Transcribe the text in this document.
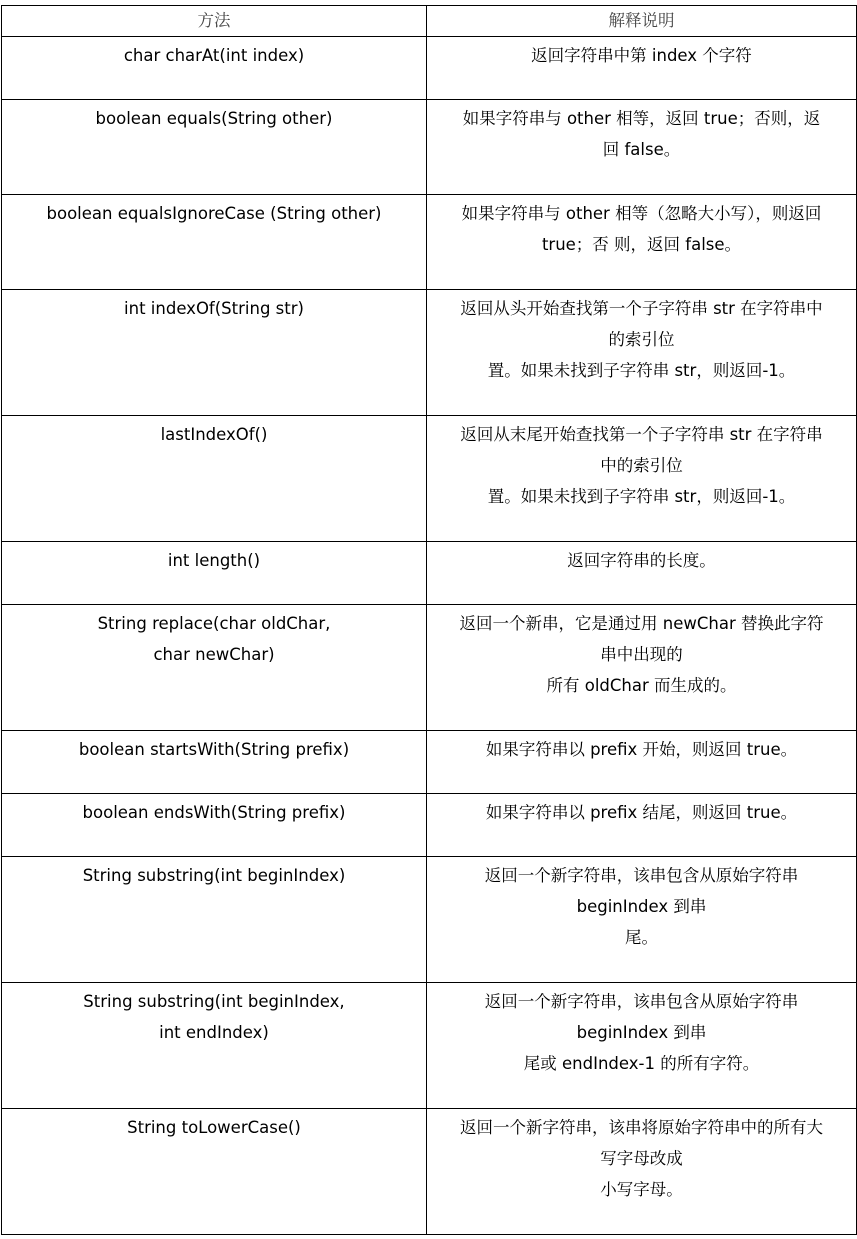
方法	解释说明

char charAt(int index)	返回字符串中第 index 个字符

boolean equals(String other)	如果字符串与 other 相等，返回 true；否则，返
回 false。

boolean equalsIgnoreCase (String other)	如果字符串与 other 相等（忽略大小写），则返回
true；否 则，返回 false。

int indexOf(String str)	返回从头开始查找第一个子字符串 str 在字符串中
的索引位
置。如果未找到子字符串 str，则返回-1。

lastIndexOf()	返回从末尾开始查找第一个子字符串 str 在字符串
中的索引位
置。如果未找到子字符串 str，则返回-1。

int length()	返回字符串的长度。

String replace(char oldChar,
char newChar)	返回一个新串，它是通过用 newChar 替换此字符
串中出现的
所有 oldChar 而生成的。

boolean startsWith(String prefix)	如果字符串以 prefix 开始，则返回 true。

boolean endsWith(String prefix)	如果字符串以 prefix 结尾，则返回 true。

String substring(int beginIndex)	返回一个新字符串，该串包含从原始字符串
beginIndex 到串
尾。

String substring(int beginIndex,
int endIndex)	返回一个新字符串，该串包含从原始字符串
beginIndex 到串
尾或 endIndex-1 的所有字符。

String toLowerCase()	返回一个新字符串，该串将原始字符串中的所有大
写字母改成
小写字母。
